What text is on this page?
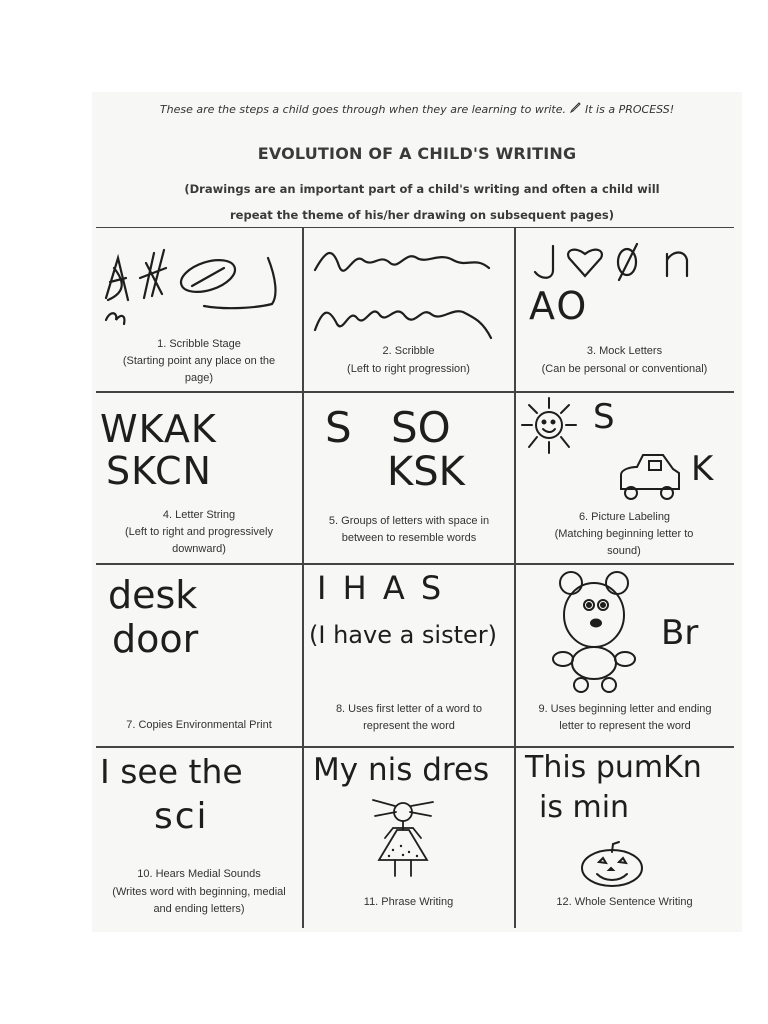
These are the steps a child goes through when they are learning to write. It is a PROCESS!
EVOLUTION OF A CHILD'S WRITING
(Drawings are an important part of a child's writing and often a child will repeat the theme of his/her drawing on subsequent pages)
1. Scribble Stage
(Starting point any place on the page)
2. Scribble
(Left to right progression)
AO
3. Mock Letters
(Can be personal or conventional)
WKAK
SKCN
4. Letter String
(Left to right and progressively downward)
S SO
KSK
5. Groups of letters with space in between to resemble words
S
K
6. Picture Labeling
(Matching beginning letter to sound)
desk
door
7. Copies Environmental Print
I H A S
(I have a sister)
8. Uses first letter of a word to represent the word
Br
9. Uses beginning letter and ending letter to represent the word
I see the
sci
10. Hears Medial Sounds
(Writes word with beginning, medial and ending letters)
My nis dres
11. Phrase Writing
This pumKn
is min
12. Whole Sentence Writing
